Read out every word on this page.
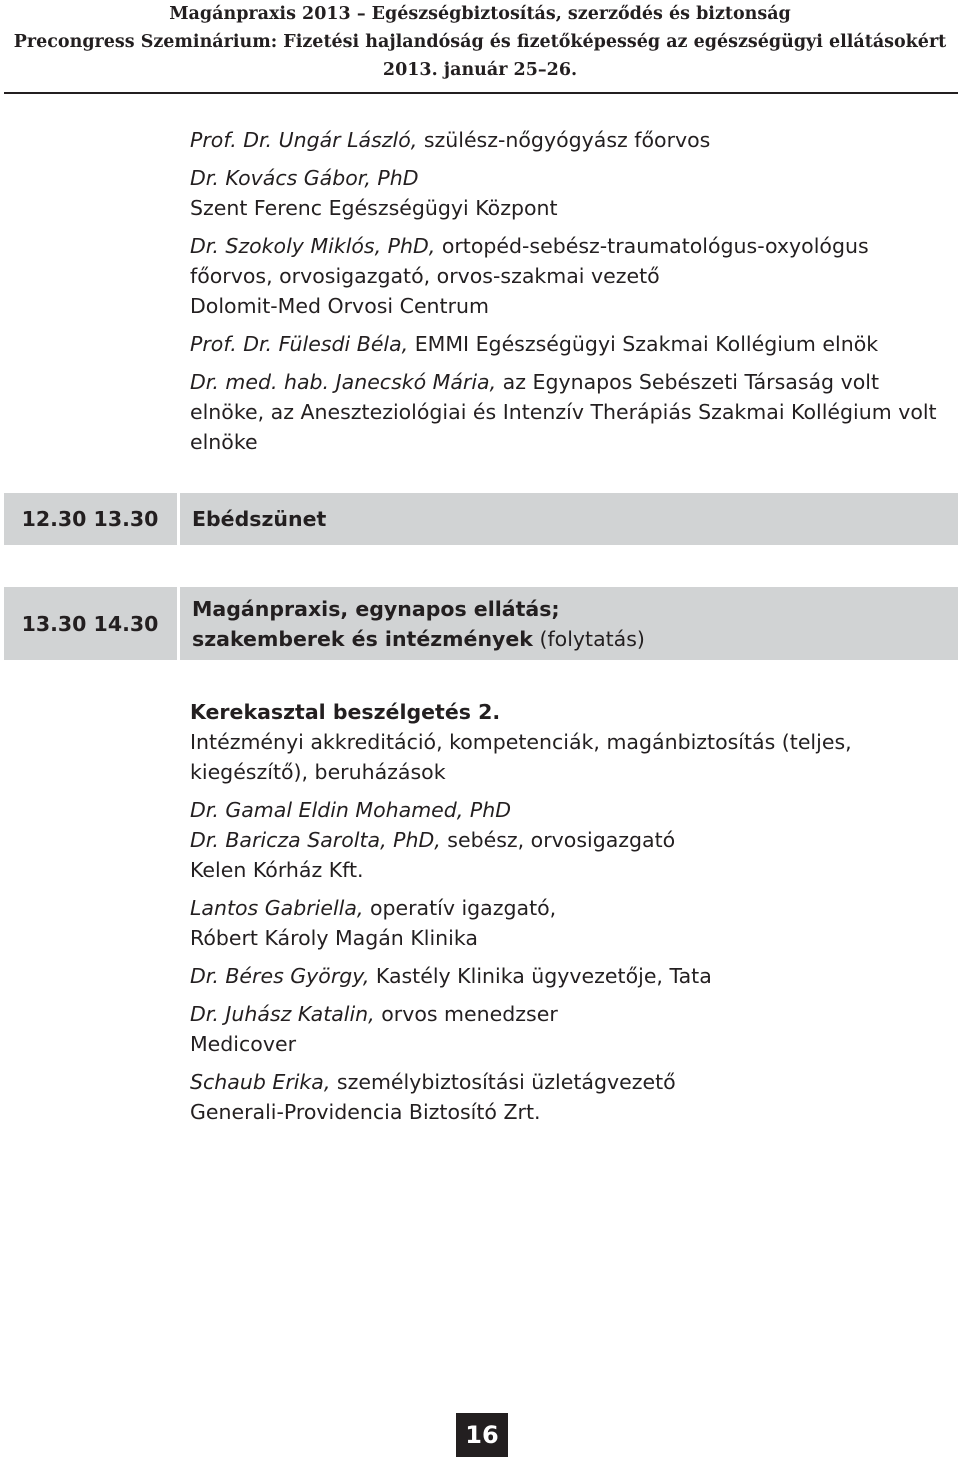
Magánpraxis 2013 – Egészségbiztosítás, szerződés és biztonság
Precongress Szeminárium: Fizetési hajlandóság és fizetőképesség az egészségügyi ellátásokért
2013. január 25–26.
Prof. Dr. Ungár László, szülész-nőgyógyász főorvos
Dr. Kovács Gábor, PhD
Szent Ferenc Egészségügyi Központ
Dr. Szokoly Miklós, PhD, ortopéd-sebész-traumatológus-oxyológus főorvos, orvosigazgató, orvos-szakmai vezető
Dolomit-Med Orvosi Centrum
Prof. Dr. Fülesdi Béla, EMMI Egészségügyi Szakmai Kollégium elnök
Dr. med. hab. Janecskó Mária, az Egynapos Sebészeti Társaság volt elnöke, az Aneszteziológiai és Intenzív Therápiás Szakmai Kollégium volt elnöke
12.30 13.30	Ebédszünet
13.30 14.30
Magánpraxis, egynapos ellátás;
szakemberek és intézmények (folytatás)
Kerekasztal beszélgetés 2.
Intézményi akkreditáció, kompetenciák, magánbiztosítás (teljes, kiegészítő), beruházások
Dr. Gamal Eldin Mohamed, PhD
Dr. Baricza Sarolta, PhD, sebész, orvosigazgató
Kelen Kórház Kft.
Lantos Gabriella, operatív igazgató,
Róbert Károly Magán Klinika
Dr. Béres György, Kastély Klinika ügyvezetője, Tata
Dr. Juhász Katalin, orvos menedzser
Medicover
Schaub Erika, személybiztosítási üzletágvezető
Generali-Providencia Biztosító Zrt.
16
